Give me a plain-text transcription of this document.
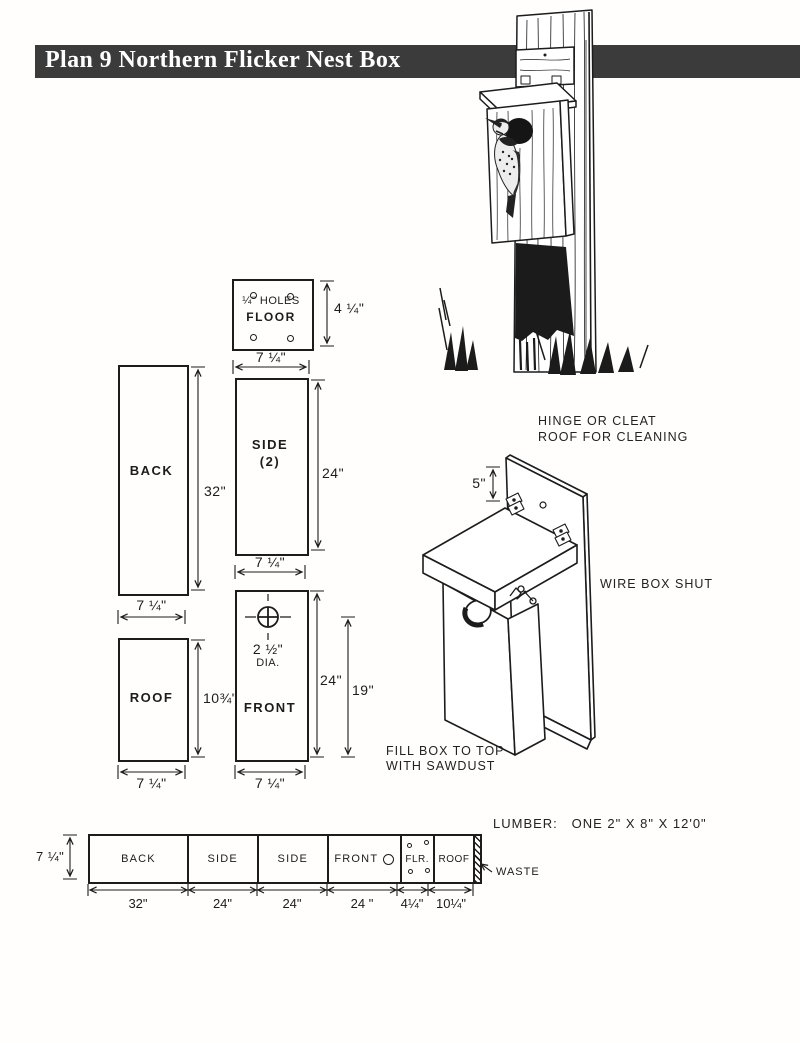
Plan 9 Northern Flicker Nest Box
¼" HOLES
FLOOR
4 ¼"
7 ¼"
BACK
32"
7 ¼"
SIDE
(2)
24"
7 ¼"
ROOF	10¾"
7 ¼"
2 ½"
DIA.
FRONT
24"
19"
7 ¼"
HINGE OR CLEAT
ROOF FOR CLEANING
5"
WIRE BOX SHUT
FILL BOX TO TOP
WITH SAWDUST
LUMBER:   ONE 2" X 8" X 12'0"
BACK	SIDE	SIDE FRONT	FLR. ROOF
7 ¼"
WASTE
32"	24"	24"	24 "	4¼" 10¼"
